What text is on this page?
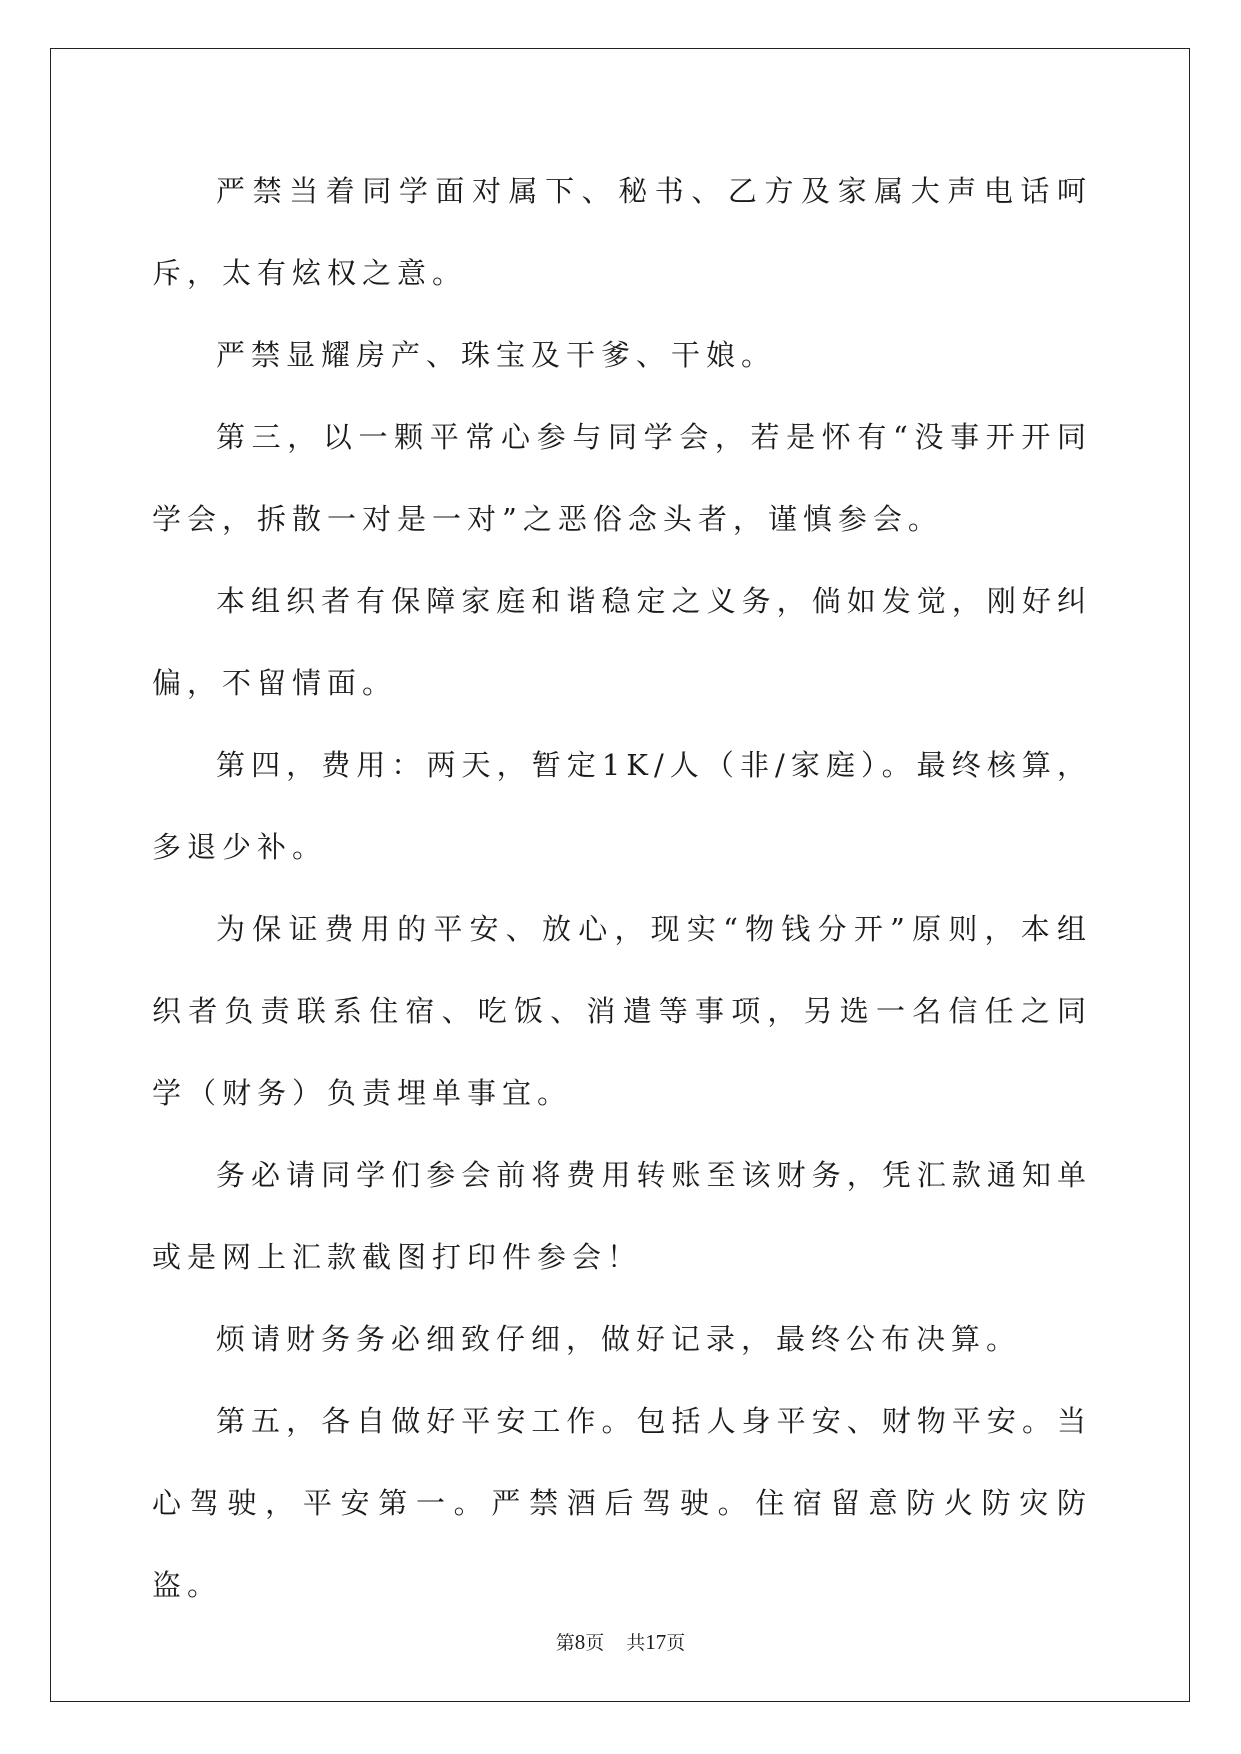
严禁当着同学面对属下、秘书、乙方及家属大声电话呵斥，太有炫权之意。

严禁显耀房产、珠宝及干爹、干娘。

第三，以一颗平常心参与同学会，若是怀有“没事开开同学会，拆散一对是一对”之恶俗念头者，谨慎参会。

本组织者有保障家庭和谐稳定之义务，倘如发觉，刚好纠偏，不留情面。

第四，费用：两天，暂定1K/人（非/家庭）。最终核算，多退少补。

为保证费用的平安、放心，现实“物钱分开”原则，本组织者负责联系住宿、吃饭、消遣等事项，另选一名信任之同学（财务）负责埋单事宜。

务必请同学们参会前将费用转账至该财务，凭汇款通知单或是网上汇款截图打印件参会！

烦请财务务必细致仔细，做好记录，最终公布决算。

第五，各自做好平安工作。包括人身平安、财物平安。当心驾驶，平安第一。严禁酒后驾驶。住宿留意防火防灾防盗。

第8页 共17页
